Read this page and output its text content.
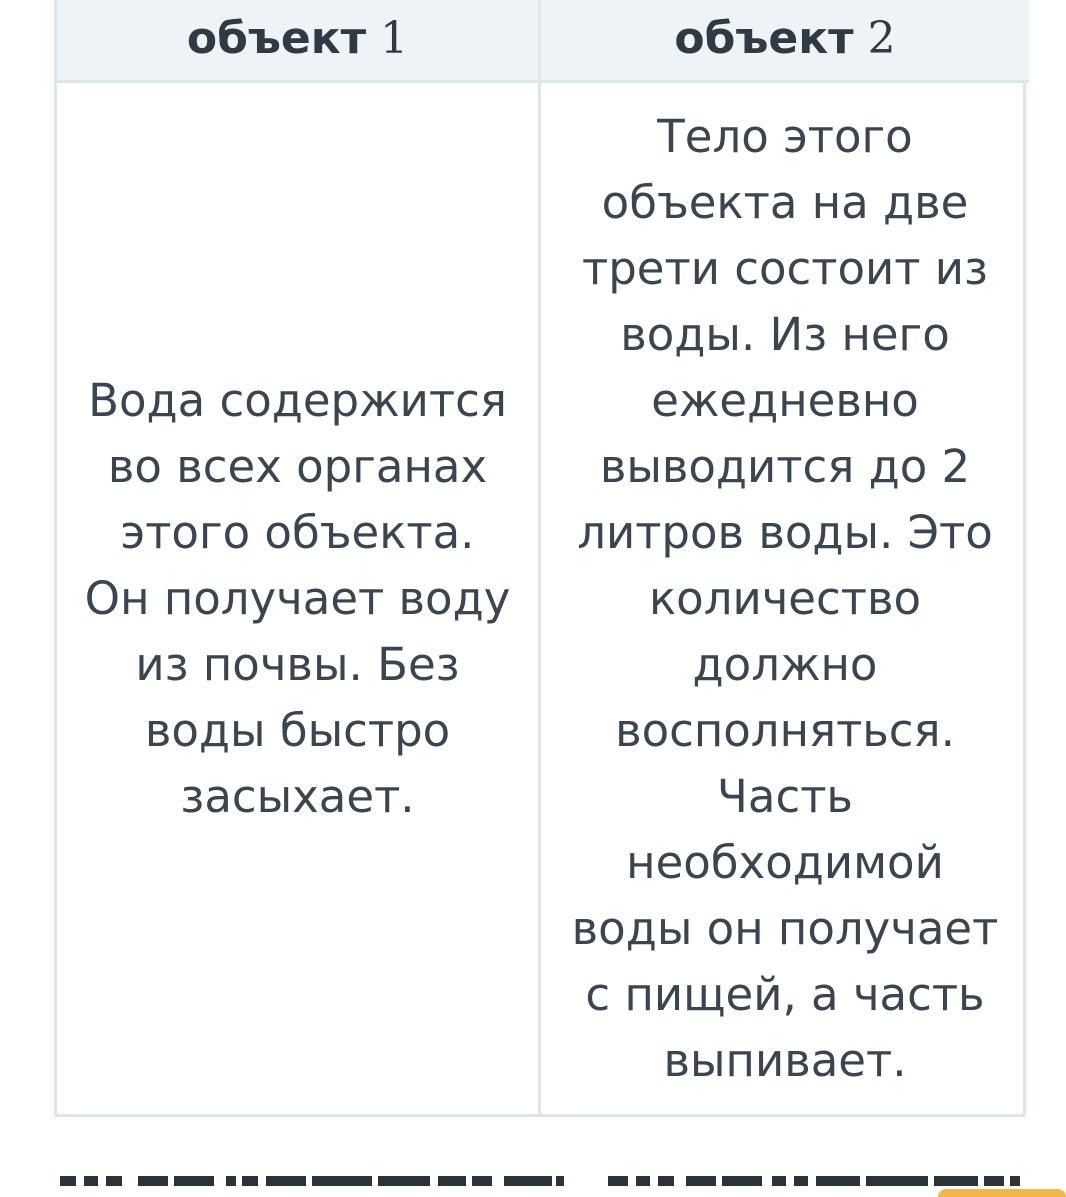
объект 1	объект 2
Вода содержится во всех органах этого объекта. Он получает воду из почвы. Без воды быстро засыхает.
Тело этого объекта на две трети состоит из воды. Из него ежедневно выводится до 2 литров воды. Это количество должно восполняться. Часть необходимой воды он получает с пищей, а часть выпивает.
